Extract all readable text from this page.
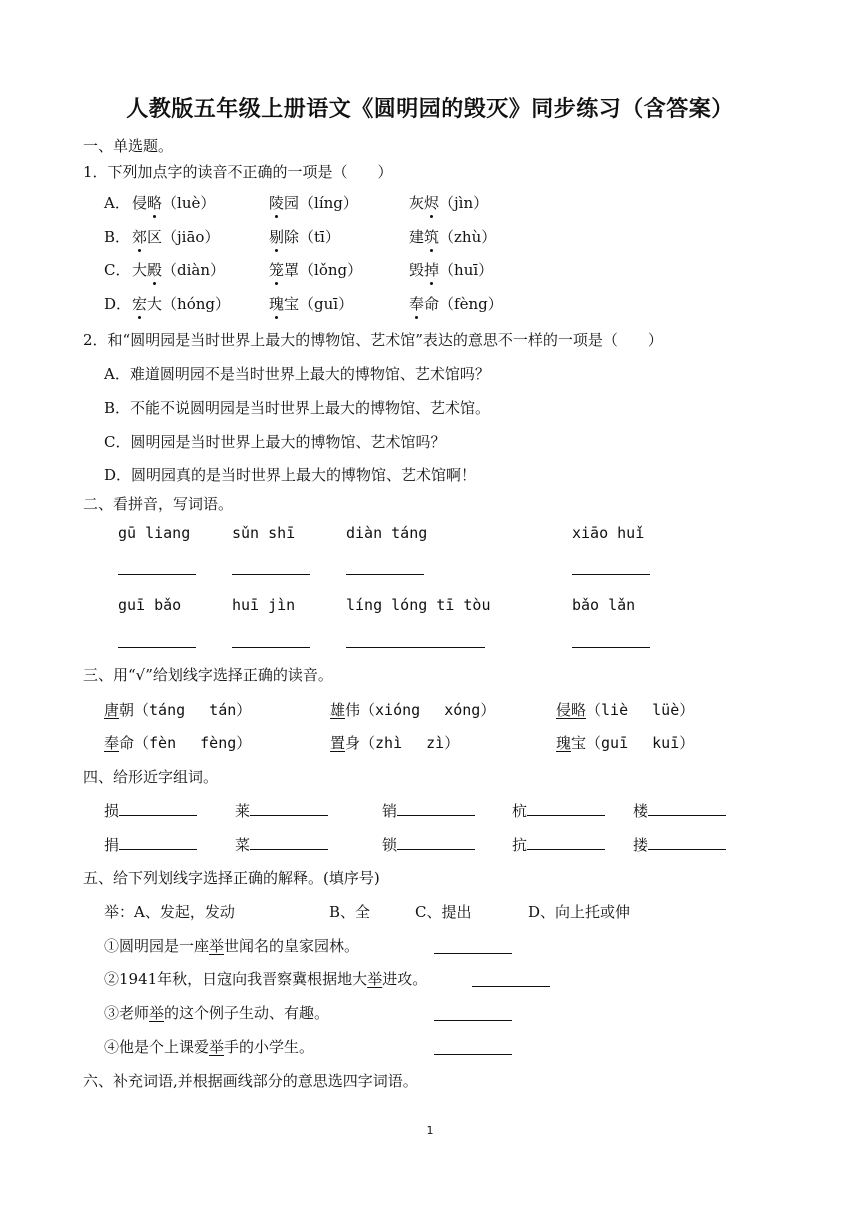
人教版五年级上册语文《圆明园的毁灭》同步练习（含答案）
一、单选题。
1．下列加点字的读音不正确的一项是（　　）
A． 侵略（luè）	陵园（líng）	灰烬（jìn）
B． 郊区（jiāo）	剔除（tī）	建筑（zhù）
C． 大殿（diàn）	笼罩（lǒng）	毁掉（huī）
D． 宏大（hóng）	瑰宝（guī）	奉命（fèng）
2．和“圆明园是当时世界上最大的博物馆、艺术馆”表达的意思不一样的一项是（　　）
A．难道圆明园不是当时世界上最大的博物馆、艺术馆吗？
B．不能不说圆明园是当时世界上最大的博物馆、艺术馆。
C．圆明园是当时世界上最大的博物馆、艺术馆吗？
D．圆明园真的是当时世界上最大的博物馆、艺术馆啊！
二、看拼音，写词语。
gū liang	sǔn shī	diàn táng	xiāo huǐ
guī bǎo	huī jìn	líng lóng tī tòu	bǎo lǎn
三、用“√”给划线字选择正确的读音。
唐朝（táng　 tán）	雄伟（xióng　 xóng）	侵略（liè　 lüè）
奉命（fèn　 fèng）	置身（zhì　 zì）	瑰宝（guī　 kuī）
四、给形近字组词。
损	莱	销	杭	楼
捐	菜	锁	抗	搂
五、给下列划线字选择正确的解释。(填序号)
举：A、发起，发动	B、全	C、提出	D、向上托或伸
①圆明园是一座举世闻名的皇家园林。
②1941年秋，日寇向我晋察冀根据地大举进攻。
③老师举的这个例子生动、有趣。
④他是个上课爱举手的小学生。
六、补充词语,并根据画线部分的意思选四字词语。
1
